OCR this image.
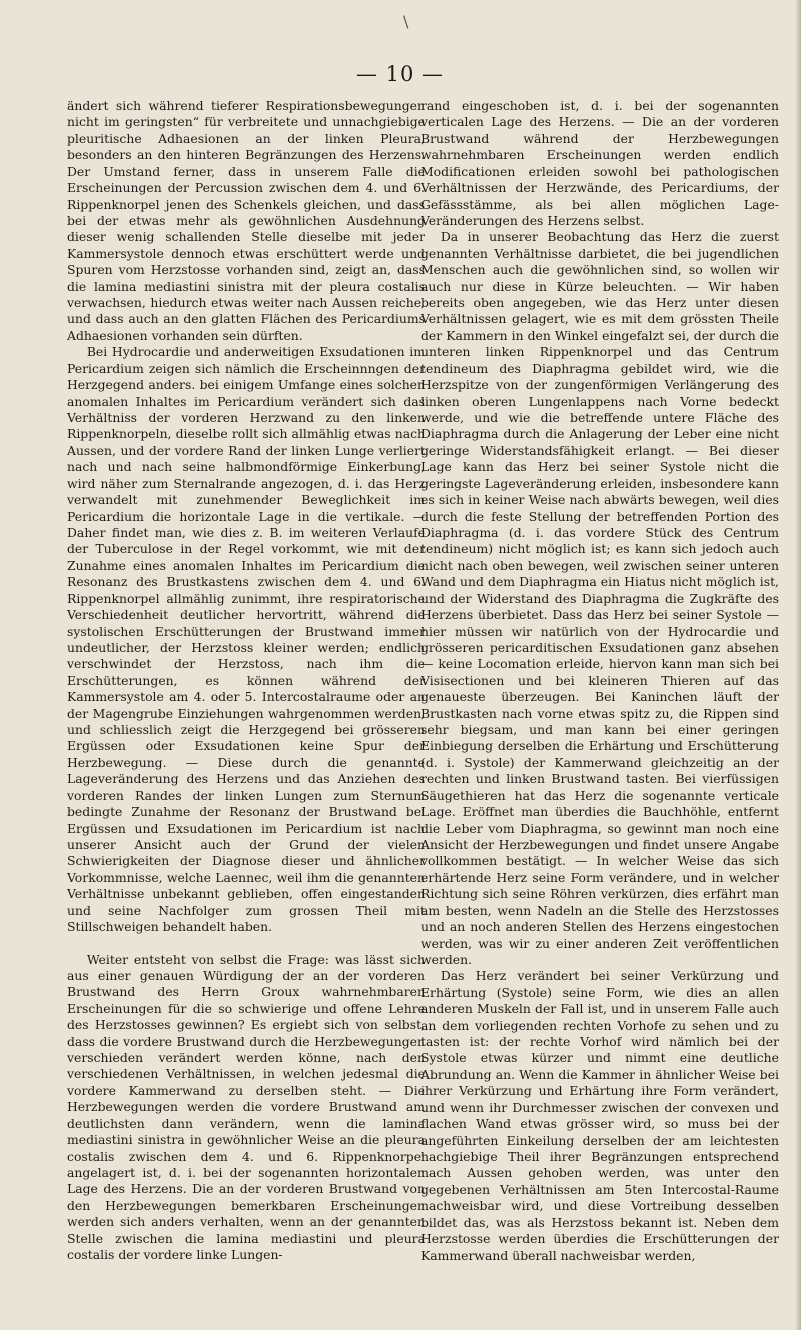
\
— 10 —

ändert sich während tieferer Respirationsbewegungen nicht im geringsten“ für verbreitete und unnachgiebige pleuritische Adhaesionen an der linken Pleura, besonders an den hinteren Begränzungen des Herzens. Der Umstand ferner, dass in unserem Falle die Erscheinungen der Percussion zwischen dem 4. und 6. Rippenknorpel jenen des Schenkels gleichen, und dass bei der etwas mehr als gewöhnlichen Ausdehnung dieser wenig schallenden Stelle dieselbe mit jeder Kammersystole dennoch etwas erschüttert werde und Spuren vom Herzstosse vorhanden sind, zeigt an, dass die lamina mediastini sinistra mit der pleura costalis verwachsen, hiedurch etwas weiter nach Aussen reiche, und dass auch an den glatten Flächen des Pericardiums Adhaesionen vorhanden sein dürften.

Bei Hydrocardie und anderweitigen Exsudationen im Pericardium zeigen sich nämlich die Erscheinnngen der Herzgegend anders. bei einigem Umfange eines solchen anomalen Inhaltes im Pericardium verändert sich das Verhältniss der vorderen Herzwand zu den linken Rippenknorpeln, dieselbe rollt sich allmählig etwas nach Aussen, und der vordere Rand der linken Lunge verliert nach und nach seine halbmondförmige Einkerbung, wird näher zum Sternalrande angezogen, d. i. das Herz verwandelt mit zunehmender Beweglichkeit im Pericardium die horizontale Lage in die vertikale. — Daher findet man, wie dies z. B. im weiteren Verlaufe der Tuberculose in der Regel vorkommt, wie mit der Zunahme eines anomalen Inhaltes im Pericardium die Resonanz des Brustkastens zwischen dem 4. und 6. Rippenknorpel allmählig zunimmt, ihre respiratorische Verschiedenheit deutlicher hervortritt, während die systolischen Erschütterungen der Brustwand immer undeutlicher, der Herzstoss kleiner werden; endlich verschwindet der Herzstoss, nach ihm die Erschütterungen, es können während der Kammersystole am 4. oder 5. Intercostalraume oder an der Magengrube Einziehungen wahrgenommen werden, und schliesslich zeigt die Herzgegend bei grösseren Ergüssen oder Exsudationen keine Spur der Herzbewegung. — Diese durch die genannte Lageveränderung des Herzens und das Anziehen des vorderen Randes der linken Lungen zum Sternum bedingte Zunahme der Resonanz der Brustwand bei Ergüssen und Exsudationen im Pericardium ist nach unserer Ansicht auch der Grund der vielen Schwierigkeiten der Diagnose dieser und ähnlicher Vorkommnisse, welche Laennec, weil ihm die genannten Verhältnisse unbekannt geblieben, offen eingestanden und seine Nachfolger zum grossen Theil mit Stillschweigen behandelt haben.

Weiter entsteht von selbst die Frage: was lässt sich aus einer genauen Würdigung der an der vorderen Brustwand des Herrn Groux wahrnehmbaren Erscheinungen für die so schwierige und offene Lehre des Herzstosses gewinnen? Es ergiebt sich von selbst, dass die vordere Brustwand durch die Herzbewegungen verschieden verändert werden könne, nach den verschiedenen Verhältnissen, in welchen jedesmal die vordere Kammerwand zu derselben steht. — Die Herzbewegungen werden die vordere Brustwand am deutlichsten dann verändern, wenn die lamina mediastini sinistra in gewöhnlicher Weise an die pleura costalis zwischen dem 4. und 6. Rippenknorpel angelagert ist, d. i. bei der sogenannten horizontalen Lage des Herzens. Die an der vorderen Brustwand von den Herzbewegungen bemerkbaren Erscheinungen werden sich anders verhalten, wenn an der genannten Stelle zwischen die lamina mediastini und pleura costalis der vordere linke Lungen-

rand eingeschoben ist, d. i. bei der sogenannten verticalen Lage des Herzens. — Die an der vorderen Brustwand während der Herzbewegungen wahrnehmbaren Erscheinungen werden endlich Modificationen erleiden sowohl bei pathologischen Verhältnissen der Herzwände, des Pericardiums, der Gefässstämme, als bei allen möglichen Lage-Veränderungen des Herzens selbst.

Da in unserer Beobachtung das Herz die zuerst genannten Verhältnisse darbietet, die bei jugendlichen Menschen auch die gewöhnlichen sind, so wollen wir auch nur diese in Kürze beleuchten. — Wir haben bereits oben angegeben, wie das Herz unter diesen Verhältnissen gelagert, wie es mit dem grössten Theile der Kammern in den Winkel eingefalzt sei, der durch die unteren linken Rippenknorpel und das Centrum tendineum des Diaphragma gebildet wird, wie die Herzspitze von der zungenförmigen Verlängerung des linken oberen Lungenlappens nach Vorne bedeckt werde, und wie die betreffende untere Fläche des Diaphragma durch die Anlagerung der Leber eine nicht geringe Widerstandsfähigkeit erlangt. — Bei dieser Lage kann das Herz bei seiner Systole nicht die geringste Lageveränderung erleiden, insbesondere kann es sich in keiner Weise nach abwärts bewegen, weil dies durch die feste Stellung der betreffenden Portion des Diaphragma (d. i. das vordere Stück des Centrum tendineum) nicht möglich ist; es kann sich jedoch auch nicht nach oben bewegen, weil zwischen seiner unteren Wand und dem Diaphragma ein Hiatus nicht möglich ist, und der Widerstand des Diaphragma die Zugkräfte des Herzens überbietet. Dass das Herz bei seiner Systole — hier müssen wir natürlich von der Hydrocardie und grösseren pericarditischen Exsudationen ganz absehen — keine Locomation erleide, hiervon kann man sich bei Visisectionen und bei kleineren Thieren auf das genaueste überzeugen. Bei Kaninchen läuft der Brustkasten nach vorne etwas spitz zu, die Rippen sind sehr biegsam, und man kann bei einer geringen Einbiegung derselben die Erhärtung und Erschütterung (d. i. Systole) der Kammerwand gleichzeitig an der rechten und linken Brustwand tasten. Bei vierfüssigen Säugethieren hat das Herz die sogenannte verticale Lage. Eröffnet man überdies die Bauchhöhle, entfernt die Leber vom Diaphragma, so gewinnt man noch eine Ansicht der Herzbewegungen und findet unsere Angabe vollkommen bestätigt. — In welcher Weise das sich erhärtende Herz seine Form verändere, und in welcher Richtung sich seine Röhren verkürzen, dies erfährt man am besten, wenn Nadeln an die Stelle des Herzstosses und an noch anderen Stellen des Herzens eingestochen werden, was wir zu einer anderen Zeit veröffentlichen werden.

Das Herz verändert bei seiner Verkürzung und Erhärtung (Systole) seine Form, wie dies an allen anderen Muskeln der Fall ist, und in unserem Falle auch an dem vorliegenden rechten Vorhofe zu sehen und zu tasten ist: der rechte Vorhof wird nämlich bei der Systole etwas kürzer und nimmt eine deutliche Abrundung an. Wenn die Kammer in ähnlicher Weise bei ihrer Verkürzung und Erhärtung ihre Form verändert, und wenn ihr Durchmesser zwischen der convexen und flachen Wand etwas grösser wird, so muss bei der angeführten Einkeilung derselben der am leichtesten nachgiebige Theil ihrer Begränzungen entsprechend nach Aussen gehoben werden, was unter den gegebenen Verhältnissen am 5ten Intercostal-Raume nachweisbar wird, und diese Vortreibung desselben bildet das, was als Herzstoss bekannt ist. Neben dem Herzstosse werden überdies die Erschütterungen der Kammerwand überall nachweisbar werden,
